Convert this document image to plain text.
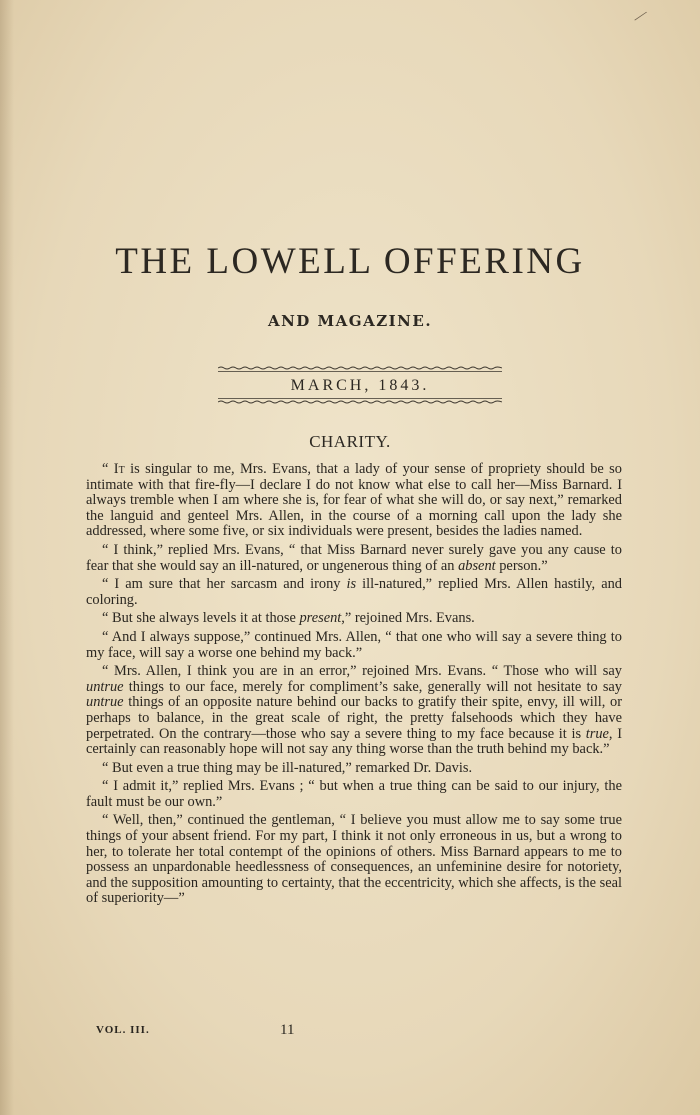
⁄
THE LOWELL OFFERING
AND MAGAZINE.
MARCH, 1843.
CHARITY.

“ It is singular to me, Mrs. Evans, that a lady of your sense of propriety should be so intimate with that fire-fly—I declare I do not know what else to call her—Miss Barnard. I always tremble when I am where she is, for fear of what she will do, or say next,” remarked the languid and genteel Mrs. Allen, in the course of a morning call upon the lady she addressed, where some five, or six individuals were present, besides the ladies named.

“ I think,” replied Mrs. Evans, “ that Miss Barnard never surely gave you any cause to fear that she would say an ill-natured, or ungenerous thing of an absent person.”

“ I am sure that her sarcasm and irony is ill-natured,” replied Mrs. Allen hastily, and coloring.

“ But she always levels it at those present,” rejoined Mrs. Evans.

“ And I always suppose,” continued Mrs. Allen, “ that one who will say a severe thing to my face, will say a worse one behind my back.”

“ Mrs. Allen, I think you are in an error,” rejoined Mrs. Evans. “ Those who will say untrue things to our face, merely for compliment’s sake, generally will not hesitate to say untrue things of an opposite nature behind our backs to gratify their spite, envy, ill will, or perhaps to balance, in the great scale of right, the pretty falsehoods which they have perpetrated. On the contrary—those who say a severe thing to my face because it is true, I certainly can reasonably hope will not say any thing worse than the truth behind my back.”

“ But even a true thing may be ill-natured,” remarked Dr. Davis.

“ I admit it,” replied Mrs. Evans ; “ but when a true thing can be said to our injury, the fault must be our own.”

“ Well, then,” continued the gentleman, “ I believe you must allow me to say some true things of your absent friend. For my part, I think it not only erroneous in us, but a wrong to her, to tolerate her total contempt of the opinions of others. Miss Barnard appears to me to possess an unpardonable heedlessness of consequences, an unfeminine desire for notoriety, and the supposition amounting to certainty, that the eccentricity, which she affects, is the seal of superiority—”

VOL. III.	11
